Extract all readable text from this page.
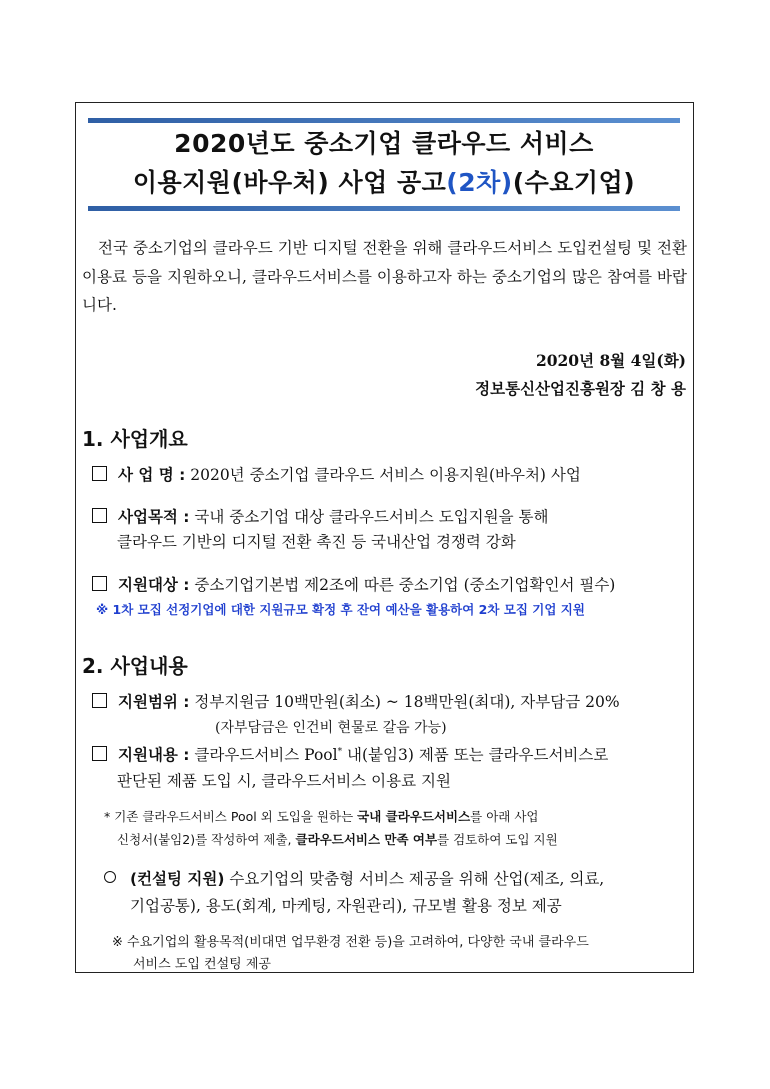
2020년도 중소기업 클라우드 서비스
이용지원(바우처) 사업 공고(2차)(수요기업)
전국 중소기업의 클라우드 기반 디지털 전환을 위해 클라우드서비스 도입컨설팅 및 전환 이용료 등을 지원하오니, 클라우드서비스를 이용하고자 하는 중소기업의 많은 참여를 바랍니다.
2020년 8월 4일(화)
정보통신산업진흥원장 김 창 용
1. 사업개요
사 업 명 : 2020년 중소기업 클라우드 서비스 이용지원(바우처) 사업
사업목적 : 국내 중소기업 대상 클라우드서비스 도입지원을 통해
클라우드 기반의 디지털 전환 촉진 등 국내산업 경쟁력 강화
지원대상 : 중소기업기본법 제2조에 따른 중소기업 (중소기업확인서 필수)
※ 1차 모집 선정기업에 대한 지원규모 확정 후 잔여 예산을 활용하여 2차 모집 기업 지원
2. 사업내용
지원범위 : 정부지원금 10백만원(최소) ~ 18백만원(최대), 자부담금 20%
(자부담금은 인건비 현물로 갈음 가능)
지원내용 : 클라우드서비스 Pool* 내(붙임3) 제품 또는 클라우드서비스로
판단된 제품 도입 시, 클라우드서비스 이용료 지원
* 기존 클라우드서비스 Pool 외 도입을 원하는 국내 클라우드서비스를 아래 사업
신청서(붙임2)를 작성하여 제출, 클라우드서비스 만족 여부를 검토하여 도입 지원
(컨설팅 지원) 수요기업의 맞춤형 서비스 제공을 위해 산업(제조, 의료,
기업공통), 용도(회계, 마케팅, 자원관리), 규모별 활용 정보 제공
※ 수요기업의 활용목적(비대면 업무환경 전환 등)을 고려하여, 다양한 국내 클라우드
서비스 도입 컨설팅 제공
